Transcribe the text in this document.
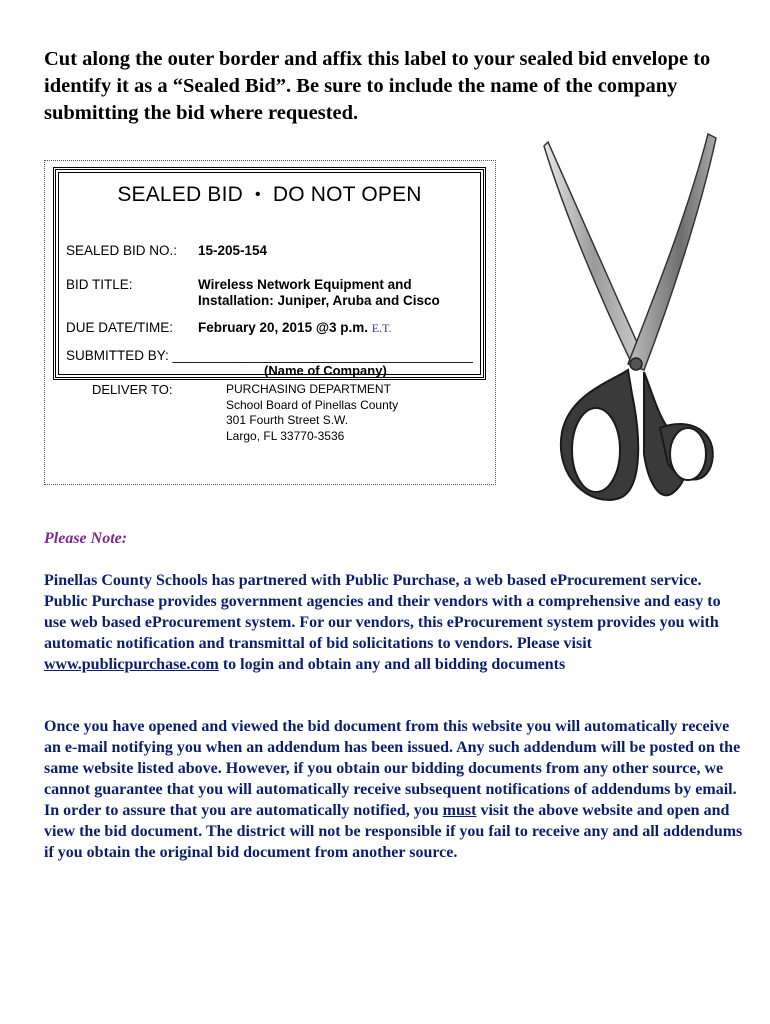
Cut along the outer border and affix this label to your sealed bid envelope to identify it as a “Sealed Bid”. Be sure to include the name of the company submitting the bid where requested.

SEALED BID • DO NOT OPEN
SEALED BID NO.: 15-205-154
BID TITLE:	Wireless Network Equipment and
Installation: Juniper, Aruba and Cisco
DUE DATE/TIME: February 20, 2015 @3 p.m. E.T.
SUBMITTED BY: ________________________________________
(Name of Company)
DELIVER TO:	PURCHASING DEPARTMENT
School Board of Pinellas County
301 Fourth Street S.W.
Largo, FL 33770-3536
Please Note:

Pinellas County Schools has partnered with Public Purchase, a web based eProcurement service. Public Purchase provides government agencies and their vendors with a comprehensive and easy to use web based eProcurement system. For our vendors, this eProcurement system provides you with automatic notification and transmittal of bid solicitations to vendors. Please visit www.publicpurchase.com to login and obtain any and all bidding documents

Once you have opened and viewed the bid document from this website you will automatically receive an e-mail notifying you when an addendum has been issued. Any such addendum will be posted on the same website listed above. However, if you obtain our bidding documents from any other source, we cannot guarantee that you will automatically receive subsequent notifications of addendums by email. In order to assure that you are automatically notified, you must visit the above website and open and view the bid document. The district will not be responsible if you fail to receive any and all addendums if you obtain the original bid document from another source.
